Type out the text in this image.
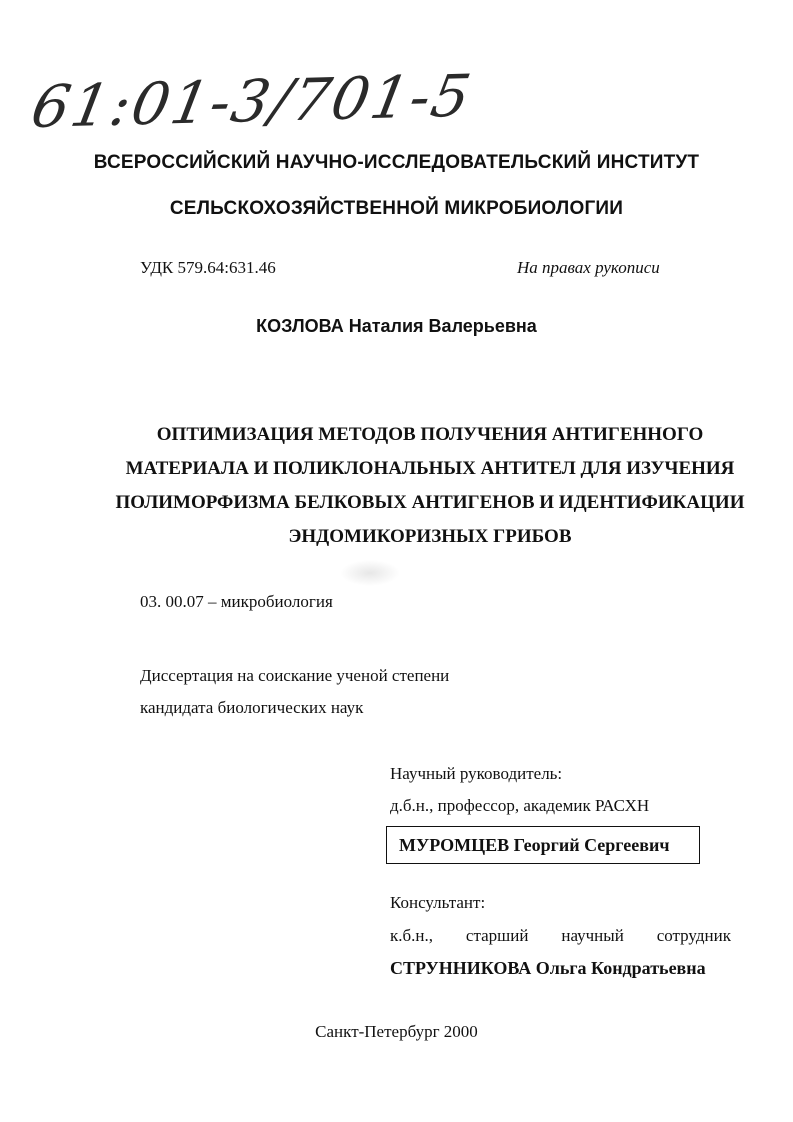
61:01-3/701-5
ВСЕРОССИЙСКИЙ НАУЧНО-ИССЛЕДОВАТЕЛЬСКИЙ ИНСТИТУТ
СЕЛЬСКОХОЗЯЙСТВЕННОЙ МИКРОБИОЛОГИИ
УДК 579.64:631.46	На правах рукописи
КОЗЛОВА Наталия Валерьевна
ОПТИМИЗАЦИЯ МЕТОДОВ ПОЛУЧЕНИЯ АНТИГЕННОГО
МАТЕРИАЛА И ПОЛИКЛОНАЛЬНЫХ АНТИТЕЛ ДЛЯ ИЗУЧЕНИЯ
ПОЛИМОРФИЗМА БЕЛКОВЫХ АНТИГЕНОВ И ИДЕНТИФИКАЦИИ
ЭНДОМИКОРИЗНЫХ ГРИБОВ
03. 00.07 – микробиология
Диссертация на соискание ученой степени
кандидата биологических наук
Научный руководитель:
д.б.н., профессор, академик РАСХН
МУРОМЦЕВ Георгий Сергеевич
Консультант:
к.б.н., старший научный сотрудник
СТРУННИКОВА Ольга Кондратьевна
Санкт-Петербург 2000
